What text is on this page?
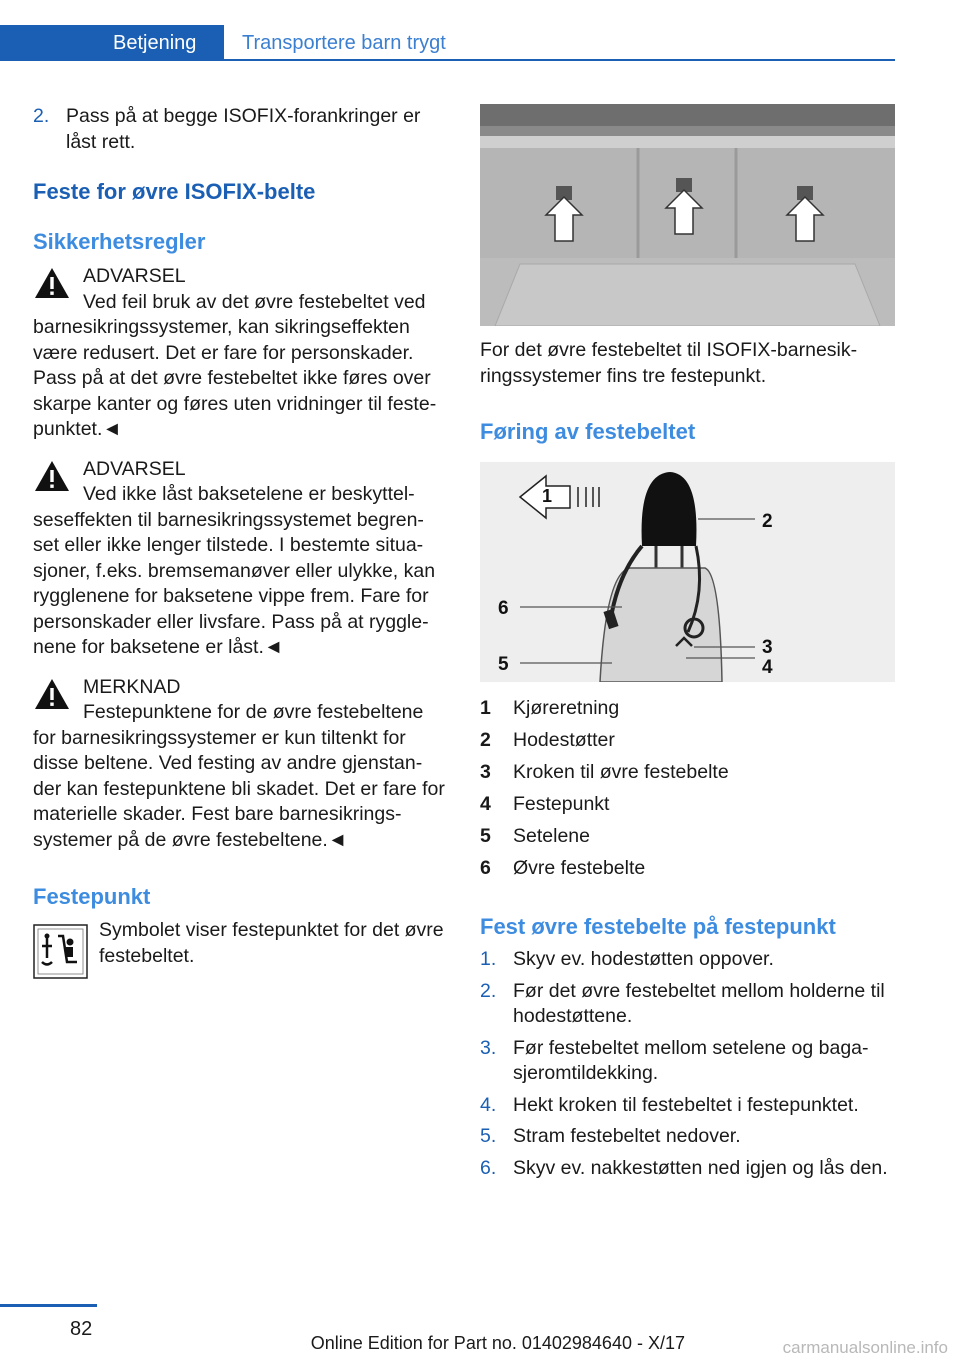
Betjening	Transportere barn trygt
2. Pass på at begge ISOFIX-forankringer er låst rett.
Feste for øvre ISOFIX-belte
Sikkerhetsregler
ADVARSEL
Ved feil bruk av det øvre festebeltet ved
barnesikringssystemer, kan sikringseffekten være redusert. Det er fare for personskader. Pass på at det øvre festebeltet ikke føres over skarpe kanter og føres uten vridninger til feste-punktet.◄
ADVARSEL
Ved ikke låst baksetelene er beskyttel-
seseffekten til barnesikringssystemet begren-set eller ikke lenger tilstede. I bestemte situa-sjoner, f.eks. bremsemanøver eller ulykke, kan rygglenene for baksetene vippe frem. Fare for personskader eller livsfare. Pass på at ryggle-nene for baksetene er låst.◄
MERKNAD
Festepunktene for de øvre festebeltene
for barnesikringssystemer er kun tiltenkt for disse beltene. Ved festing av andre gjenstan-der kan festepunktene bli skadet. Det er fare for materielle skader. Fest bare barnesikrings-systemer på de øvre festebeltene.◄
Festepunkt
Symbolet viser festepunktet for det øvre festebeltet.
For det øvre festebeltet til ISOFIX-barnesik-ringssystemer fins tre festepunkt.
Føring av festebeltet
1
2
3
4
5
6
1	Kjøreretning
2	Hodestøtter
3	Kroken til øvre festebelte
4	Festepunkt
5	Setelene
6	Øvre festebelte
Fest øvre festebelte på festepunkt
1. Skyv ev. hodestøtten oppover.
2. Før det øvre festebeltet mellom holderne til hodestøttene.
3. Før festebeltet mellom setelene og baga-sjeromtildekking.
4. Hekt kroken til festebeltet i festepunktet.
5. Stram festebeltet nedover.
6. Skyv ev. nakkestøtten ned igjen og lås den.
82
Online Edition for Part no. 01402984640 - X/17	carmanualsonline.info
